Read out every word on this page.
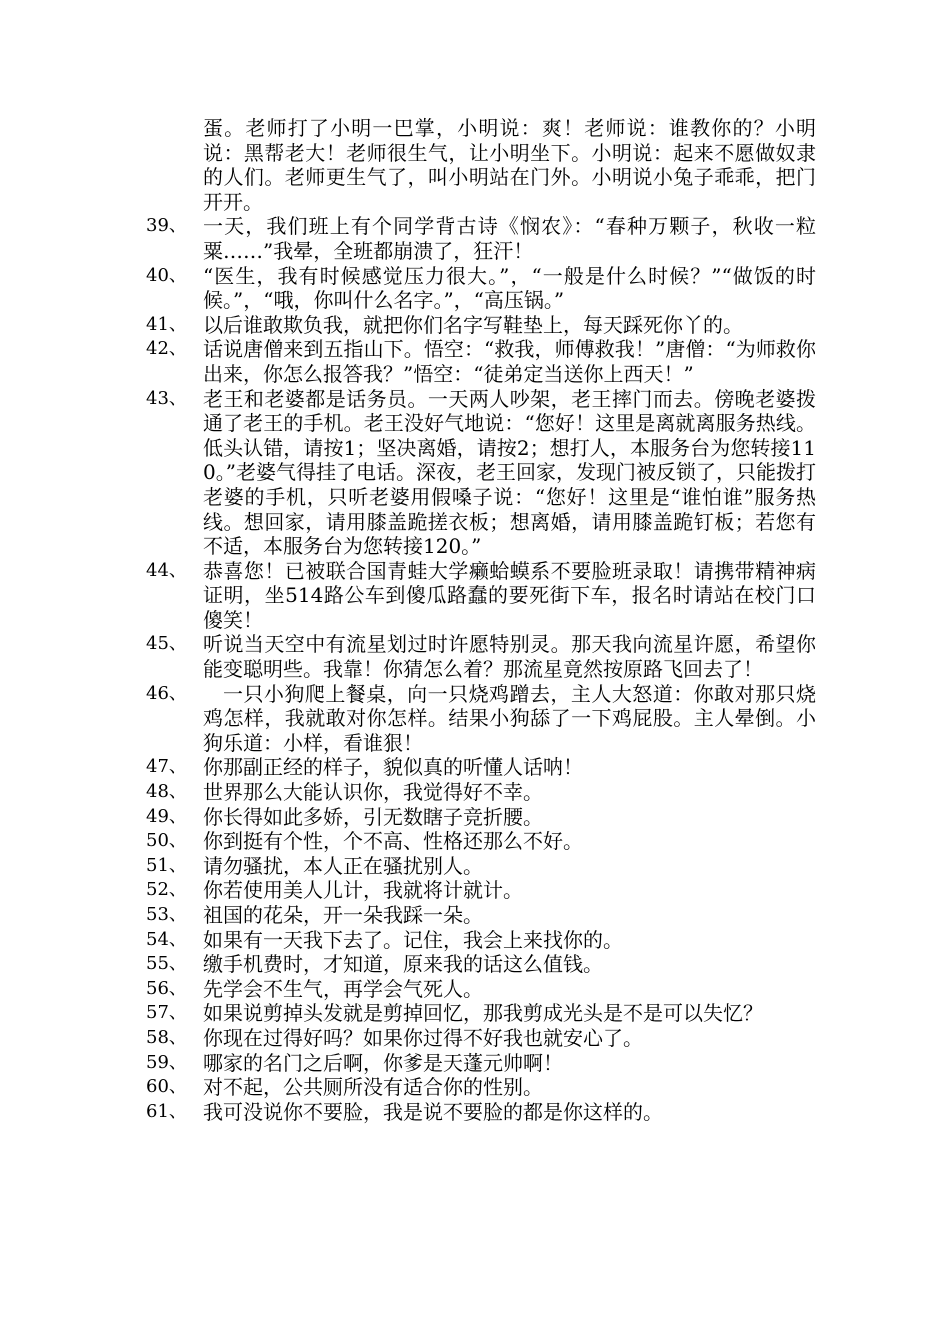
蛋。老师打了小明一巴掌，小明说：爽！老师说：谁教你的？小明说：黑帮老大！老师很生气，让小明坐下。小明说：起来不愿做奴隶的人们。老师更生气了，叫小明站在门外。小明说小兔子乖乖，把门开开。
39、 一天，我们班上有个同学背古诗《悯农》：“春种万颗子，秋收一粒粟……”我晕，全班都崩溃了，狂汗！
40、 “医生，我有时候感觉压力很大。”，“一般是什么时候？”“做饭的时候。”，“哦，你叫什么名字。”，“高压锅。”
41、 以后谁敢欺负我，就把你们名字写鞋垫上，每天踩死你丫的。
42、 话说唐僧来到五指山下。悟空：“救我，师傅救我！”唐僧：“为师救你出来，你怎么报答我？”悟空：“徒弟定当送你上西天！”
43、 老王和老婆都是话务员。一天两人吵架，老王摔门而去。傍晚老婆拨通了老王的手机。老王没好气地说：“您好！这里是离就离服务热线。低头认错，请按1；坚决离婚，请按2；想打人，本服务台为您转接110。”老婆气得挂了电话。深夜，老王回家，发现门被反锁了，只能拨打老婆的手机，只听老婆用假嗓子说：“您好！这里是“谁怕谁”服务热线。想回家，请用膝盖跪搓衣板；想离婚，请用膝盖跪钉板；若您有不适，本服务台为您转接120。”
44、 恭喜您！已被联合国青蛙大学癞蛤蟆系不要脸班录取！请携带精神病证明，坐514路公车到傻瓜路蠢的要死街下车，报名时请站在校门口傻笑！
45、 听说当天空中有流星划过时许愿特别灵。那天我向流星许愿，希望你能变聪明些。我靠！你猜怎么着？那流星竟然按原路飞回去了！
46、	一只小狗爬上餐桌，向一只烧鸡蹭去，主人大怒道：你敢对那只烧鸡怎样，我就敢对你怎样。结果小狗舔了一下鸡屁股。主人晕倒。小狗乐道：小样，看谁狠！
47、 你那副正经的样子，貌似真的听懂人话呐！
48、 世界那么大能认识你，我觉得好不幸。
49、 你长得如此多娇，引无数瞎子竞折腰。
50、 你到挺有个性，个不高、性格还那么不好。
51、 请勿骚扰，本人正在骚扰别人。
52、 你若使用美人儿计，我就将计就计。
53、 祖国的花朵，开一朵我踩一朵。
54、 如果有一天我下去了。记住，我会上来找你的。
55、 缴手机费时，才知道，原来我的话这么值钱。
56、 先学会不生气，再学会气死人。
57、 如果说剪掉头发就是剪掉回忆，那我剪成光头是不是可以失忆？
58、 你现在过得好吗？如果你过得不好我也就安心了。
59、 哪家的名门之后啊，你爹是天蓬元帅啊！
60、 对不起，公共厕所没有适合你的性别。
61、 我可没说你不要脸，我是说不要脸的都是你这样的。
